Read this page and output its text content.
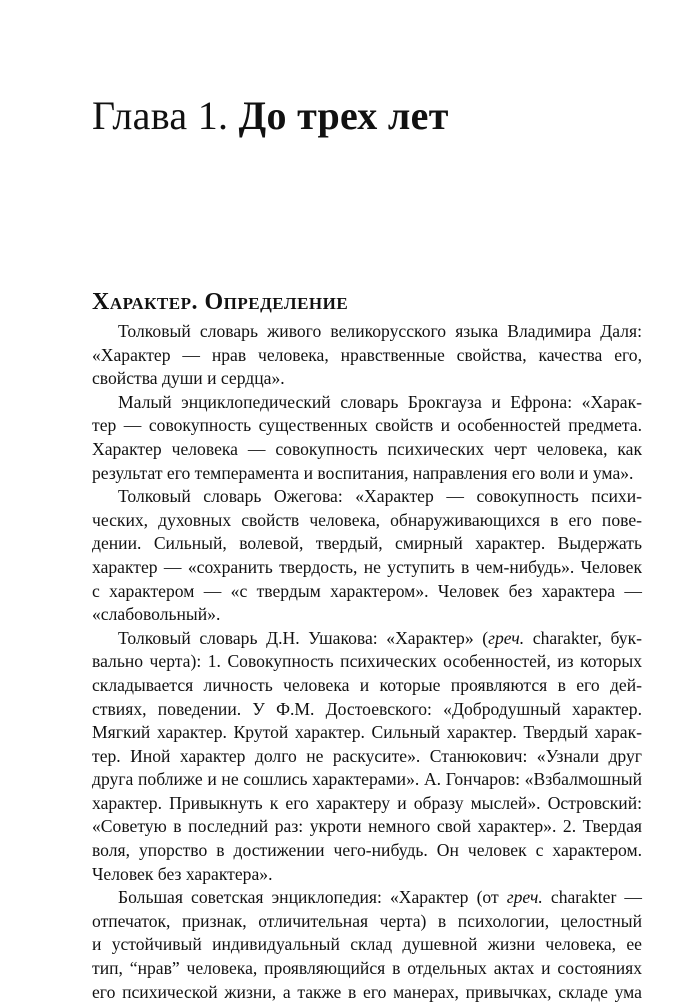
Глава 1. До трех лет
Характер. Определение

Толковый словарь живого великорусского языка Владимира Даля:
«Характер — нрав человека, нравственные свойства, качества его,
свойства души и сердца».

Малый энциклопедический словарь Брокгауза и Ефрона: «Харак-
тер — совокупность существенных свойств и особенностей предмета.
Характер человека — совокупность психических черт человека, как
результат его темперамента и воспитания, направления его воли и ума».

Толковый словарь Ожегова: «Характер — совокупность психи-
ческих, духовных свойств человека, обнаруживающихся в его пове-
дении. Сильный, волевой, твердый, смирный характер. Выдержать
характер — «сохранить твердость, не уступить в чем-нибудь». Человек
с характером — «с твердым характером». Человек без характера —
«слабовольный».

Толковый словарь Д.Н. Ушакова: «Характер» (греч. charakter, бук-
вально черта): 1. Совокупность психических особенностей, из которых
складывается личность человека и которые проявляются в его дей-
ствиях, поведении. У Ф.М. Достоевского: «Добродушный характер.
Мягкий характер. Крутой характер. Сильный характер. Твердый харак-
тер. Иной характер долго не раскусите». Станюкович: «Узнали друг
друга поближе и не сошлись характерами». А. Гончаров: «Взбалмошный
характер. Привыкнуть к его характеру и образу мыслей». Островский:
«Советую в последний раз: укроти немного свой характер». 2. Твердая
воля, упорство в достижении чего-нибудь. Он человек с характером.
Человек без характера».

Большая советская энциклопедия: «Характер (от греч. charakter —
отпечаток, признак, отличительная черта) в психологии, целостный
и устойчивый индивидуальный склад душевной жизни человека, ее
тип, “нрав” человека, проявляющийся в отдельных актах и состояниях
его психической жизни, а также в его манерах, привычках, складе ума
